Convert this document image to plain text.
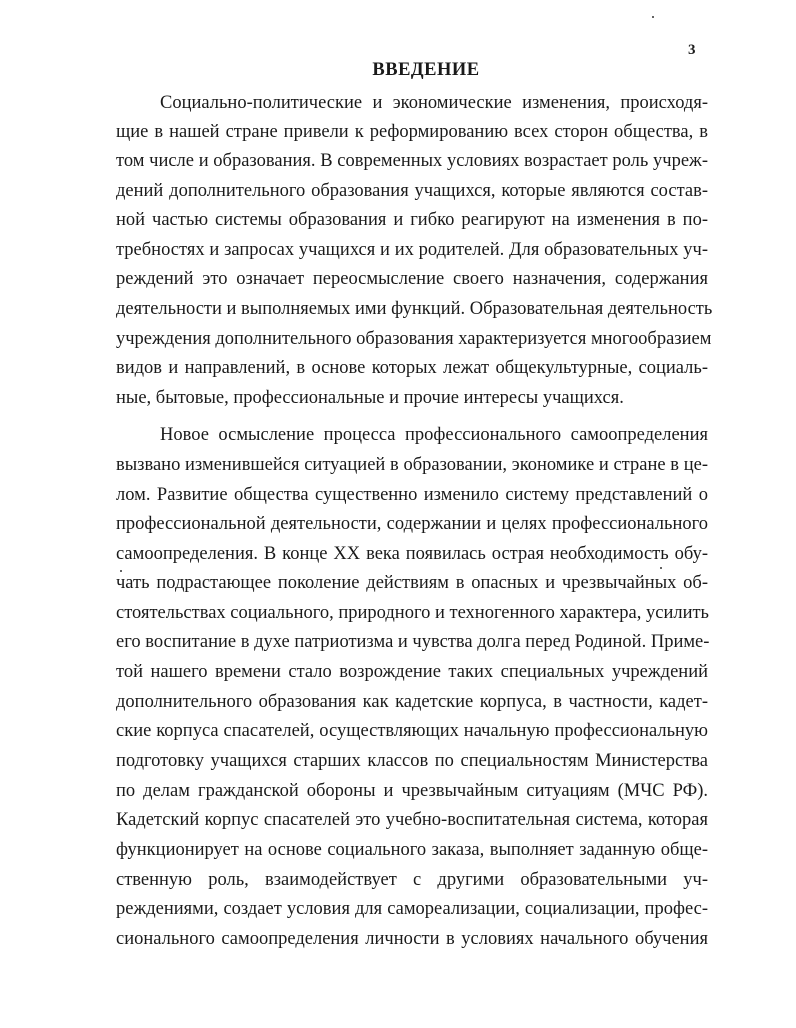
3
ВВЕДЕНИЕ
Социально-политические и экономические изменения, происходя-
щие в нашей стране привели к реформированию всех сторон общества, в
том числе и образования. В современных условиях возрастает роль учреж-
дений дополнительного образования учащихся, которые являются состав-
ной частью системы образования и гибко реагируют на изменения в по-
требностях и запросах учащихся и их родителей. Для образовательных уч-
реждений это означает переосмысление своего назначения, содержания
деятельности и выполняемых ими функций. Образовательная деятельность
учреждения дополнительного образования характеризуется многообразием
видов и направлений, в основе которых лежат общекультурные, социаль-
ные, бытовые, профессиональные и прочие интересы учащихся.
Новое осмысление процесса профессионального самоопределения
вызвано изменившейся ситуацией в образовании, экономике и стране в це-
лом. Развитие общества существенно изменило систему представлений о
профессиональной деятельности, содержании и целях профессионального
самоопределения. В конце XX века появилась острая необходимость обу-
чать подрастающее поколение действиям в опасных и чрезвычайных об-
стоятельствах социального, природного и техногенного характера, усилить
его воспитание в духе патриотизма и чувства долга перед Родиной. Приме-
той нашего времени стало возрождение таких специальных учреждений
дополнительного образования как кадетские корпуса, в частности, кадет-
ские корпуса спасателей, осуществляющих начальную профессиональную
подготовку учащихся старших классов по специальностям Министерства
по делам гражданской обороны и чрезвычайным ситуациям (МЧС РФ).
Кадетский корпус спасателей это учебно-воспитательная система, которая
функционирует на основе социального заказа, выполняет заданную обще-
ственную роль, взаимодействует с другими образовательными уч-
реждениями, создает условия для самореализации, социализации, профес-
сионального самоопределения личности в условиях начального обучения
